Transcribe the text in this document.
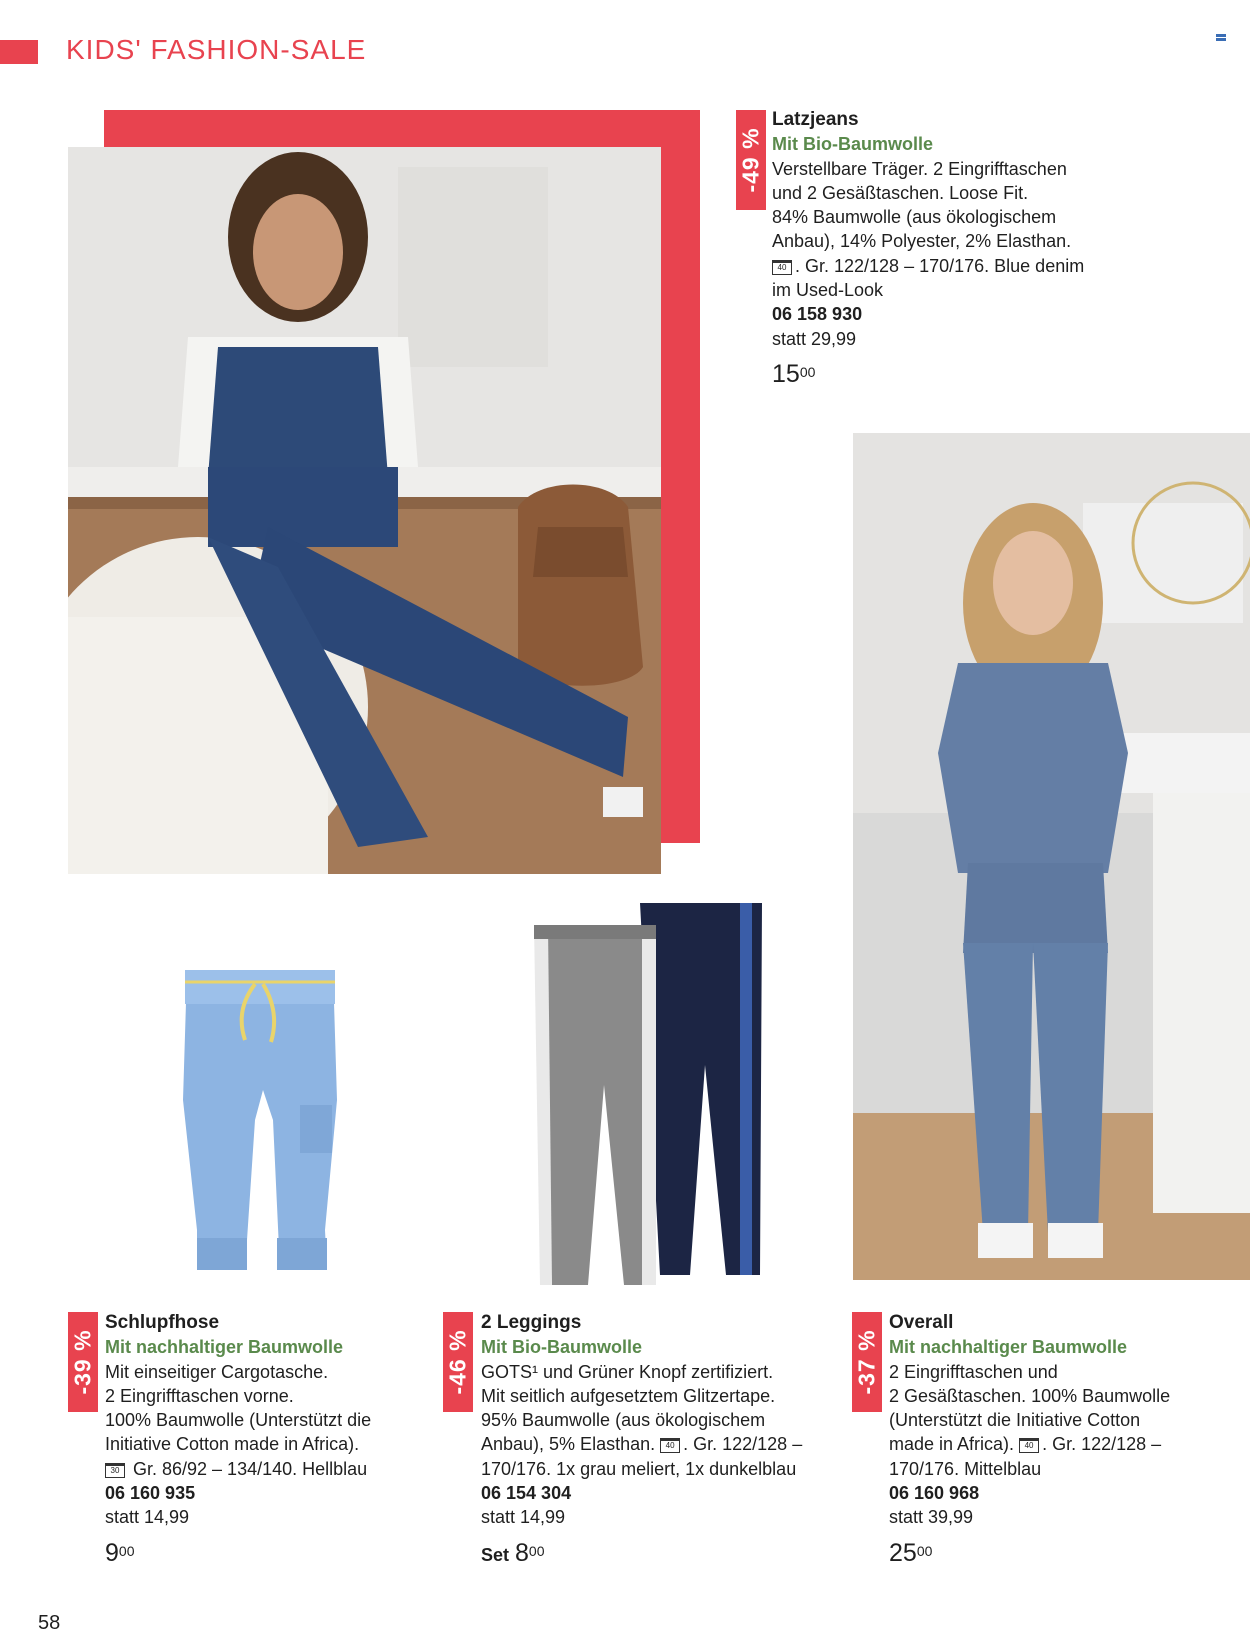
KIDS' FASHION-SALE
-49 %
-39 %	-46 %	-37 %
Latzjeans
Mit Bio-Baumwolle
Verstellbare Träger. 2 Eingrifftaschen
und 2 Gesäßtaschen. Loose Fit.
84% Baumwolle (aus ökologischem
Anbau), 14% Polyester, 2% Elasthan.
40 . Gr. 122/128 – 170/176. Blue denim
im Used-Look
06 158 930
statt 29,99
$15^{00}$
Schlupfhose
Mit nachhaltiger Baumwolle
Mit einseitiger Cargotasche.
2 Eingrifftaschen vorne.
100% Baumwolle (Unterstützt die
Initiative Cotton made in Africa).
30 Gr. 86/92 – 134/140. Hellblau
06 160 935
statt 14,99
$9^{00}$
2 Leggings
Mit Bio-Baumwolle
GOTS¹ und Grüner Knopf zertifiziert.
Mit seitlich aufgesetztem Glitzertape.
95% Baumwolle (aus ökologischem
Anbau), 5% Elasthan. 40 . Gr. 122/128 –
170/176. 1x grau meliert, 1x dunkelblau
06 154 304
statt 14,99
Set $8^{00}$
Overall
Mit nachhaltiger Baumwolle
2 Eingrifftaschen und
2 Gesäßtaschen. 100% Baumwolle
(Unterstützt die Initiative Cotton
made in Africa). 40 . Gr. 122/128 –
170/176. Mittelblau
06 160 968
statt 39,99
$25^{00}$
58
